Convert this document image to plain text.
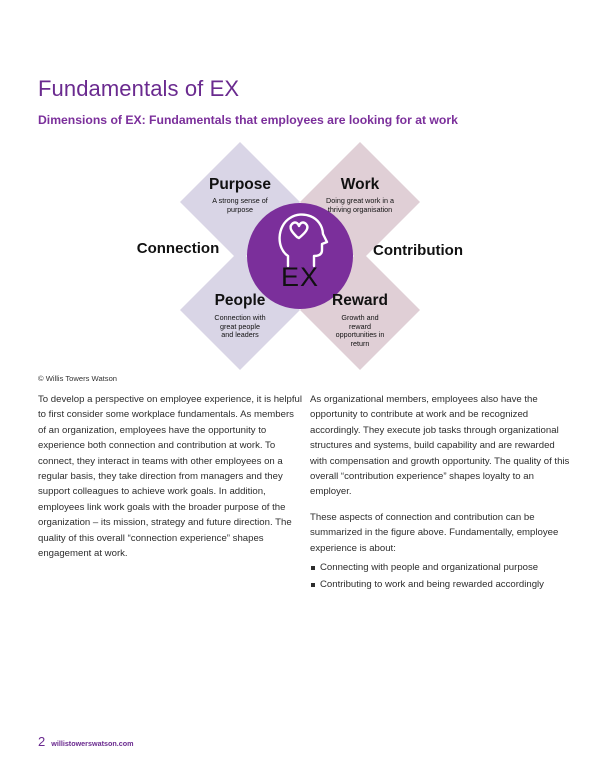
Fundamentals of EX
Dimensions of EX: Fundamentals that employees are looking for at work
Purpose
A strong sense of purpose
Work
Doing great work in a thriving organisation
People
Connection with great people and leaders
Reward
Growth and reward opportunities in return
Connection	Contribution
EX
© Willis Towers Watson

To develop a perspective on employee experience, it is helpful to first consider some workplace fundamentals. As members of an organization, employees have the opportunity to experience both connection and contribution at work. To connect, they interact in teams with other employees on a regular basis, they take direction from managers and they support colleagues to achieve work goals. In addition, employees link work goals with the broader purpose of the organization – its mission, strategy and future direction. The quality of this overall “connection experience” shapes engagement at work.

As organizational members, employees also have the opportunity to contribute at work and be recognized accordingly. They execute job tasks through organizational structures and systems, build capability and are rewarded with compensation and growth opportunity. The quality of this overall “contribution experience” shapes loyalty to an employer.

These aspects of connection and contribution can be summarized in the figure above. Fundamentally, employee experience is about:

Connecting with people and organizational purpose
Contributing to work and being rewarded accordingly
2 willistowerswatson.com
